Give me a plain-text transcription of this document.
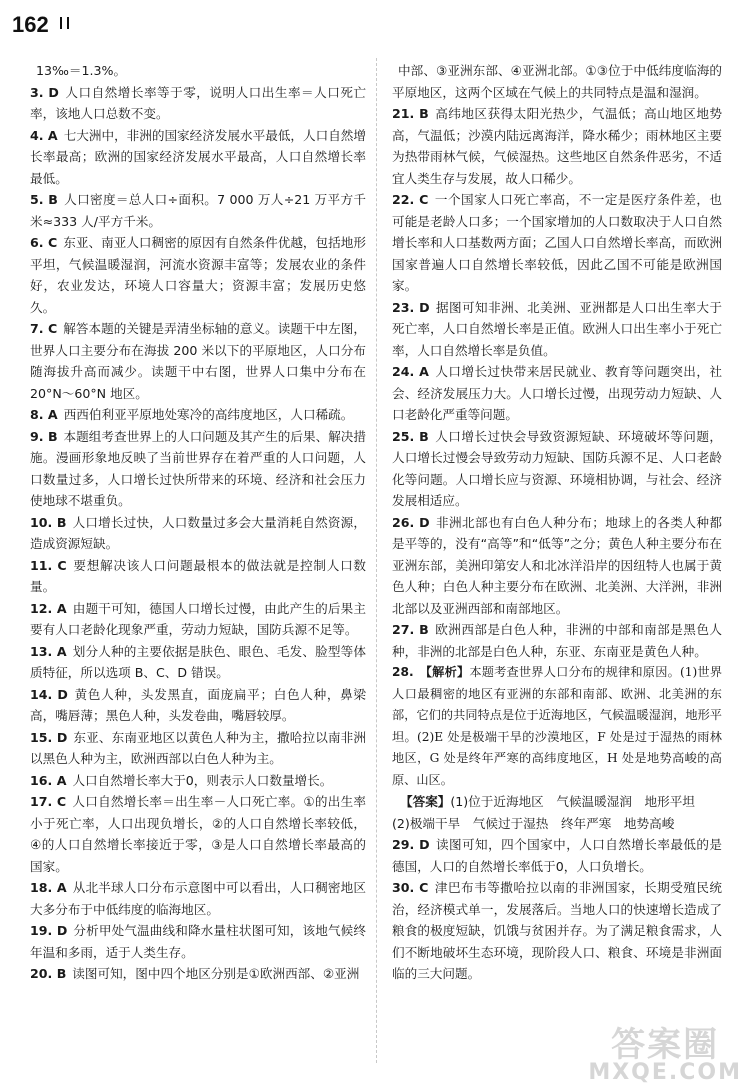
162
13‰＝1.3%。
3. D 人口自然增长率等于零，说明人口出生率＝人口死亡率，该地人口总数不变。
4. A 七大洲中，非洲的国家经济发展水平最低，人口自然增长率最高；欧洲的国家经济发展水平最高，人口自然增长率最低。
5. B 人口密度＝总人口÷面积。7 000 万人÷21 万平方千米≈333 人/平方千米。
6. C 东亚、南亚人口稠密的原因有自然条件优越，包括地形平坦，气候温暖湿润，河流水资源丰富等；发展农业的条件好，农业发达，环境人口容量大；资源丰富；发展历史悠久。
7. C 解答本题的关键是弄清坐标轴的意义。读题干中左图，世界人口主要分布在海拔 200 米以下的平原地区，人口分布随海拔升高而减少。读题干中右图，世界人口集中分布在20°N～60°N 地区。
8. A 西西伯利亚平原地处寒冷的高纬度地区，人口稀疏。
9. B 本题组考查世界上的人口问题及其产生的后果、解决措施。漫画形象地反映了当前世界存在着严重的人口问题，人口数量过多，人口增长过快所带来的环境、经济和社会压力使地球不堪重负。
10. B 人口增长过快，人口数量过多会大量消耗自然资源，造成资源短缺。
11. C 要想解决该人口问题最根本的做法就是控制人口数量。
12. A 由题干可知，德国人口增长过慢，由此产生的后果主要有人口老龄化现象严重，劳动力短缺，国防兵源不足等。
13. A 划分人种的主要依据是肤色、眼色、毛发、脸型等体质特征，所以选项 B、C、D 错误。
14. D 黄色人种，头发黑直，面庞扁平；白色人种，鼻梁高，嘴唇薄；黑色人种，头发卷曲，嘴唇较厚。
15. D 东亚、东南亚地区以黄色人种为主，撒哈拉以南非洲以黑色人种为主，欧洲西部以白色人种为主。
16. A 人口自然增长率大于0，则表示人口数量增长。
17. C 人口自然增长率＝出生率－人口死亡率。①的出生率小于死亡率，人口出现负增长，②的人口自然增长率较低，④的人口自然增长率接近于零，③是人口自然增长率最高的国家。
18. A 从北半球人口分布示意图中可以看出，人口稠密地区大多分布于中低纬度的临海地区。
19. D 分析甲处气温曲线和降水量柱状图可知，该地气候终年温和多雨，适于人类生存。
20. B 读图可知，图中四个地区分别是①欧洲西部、②亚洲
中部、③亚洲东部、④亚洲北部。①③位于中低纬度临海的平原地区，这两个区域在气候上的共同特点是温和湿润。
21. B 高纬地区获得太阳光热少，气温低；高山地区地势高，气温低；沙漠内陆远离海洋，降水稀少；雨林地区主要为热带雨林气候，气候湿热。这些地区自然条件恶劣，不适宜人类生存与发展，故人口稀少。
22. C 一个国家人口死亡率高，不一定是医疗条件差，也可能是老龄人口多；一个国家增加的人口数取决于人口自然增长率和人口基数两方面；乙国人口自然增长率高，而欧洲国家普遍人口自然增长率较低，因此乙国不可能是欧洲国家。
23. D 据图可知非洲、北美洲、亚洲都是人口出生率大于死亡率，人口自然增长率是正值。欧洲人口出生率小于死亡率，人口自然增长率是负值。
24. A 人口增长过快带来居民就业、教育等问题突出，社会、经济发展压力大。人口增长过慢，出现劳动力短缺、人口老龄化严重等问题。
25. B 人口增长过快会导致资源短缺、环境破坏等问题，人口增长过慢会导致劳动力短缺、国防兵源不足、人口老龄化等问题。人口增长应与资源、环境相协调，与社会、经济发展相适应。
26. D 非洲北部也有白色人种分布；地球上的各类人种都是平等的，没有“高等”和“低等”之分；黄色人种主要分布在亚洲东部，美洲印第安人和北冰洋沿岸的因纽特人也属于黄色人种；白色人种主要分布在欧洲、北美洲、大洋洲，非洲北部以及亚洲西部和南部地区。
27. B 欧洲西部是白色人种，非洲的中部和南部是黑色人种，非洲的北部是白色人种，东亚、东南亚是黄色人种。
28. 【解析】本题考查世界人口分布的规律和原因。(1)世界人口最稠密的地区有亚洲的东部和南部、欧洲、北美洲的东部，它们的共同特点是位于近海地区，气候温暖湿润，地形平坦。(2)E 处是极端干旱的沙漠地区，F 处是过于湿热的雨林地区，G 处是终年严寒的高纬度地区，H 处是地势高峻的高原、山区。
【答案】(1)位于近海地区　气候温暖湿润　地形平坦
(2)极端干旱　气候过于湿热　终年严寒　地势高峻
29. D 读图可知，四个国家中，人口自然增长率最低的是德国，人口的自然增长率低于0，人口负增长。
30. C 津巴布韦等撒哈拉以南的非洲国家，长期受殖民统治，经济模式单一，发展落后。当地人口的快速增长造成了粮食的极度短缺，饥饿与贫困并存。为了满足粮食需求，人们不断地破坏生态环境，现阶段人口、粮食、环境是非洲面临的三大问题。
答案圈
MXQE.COM
